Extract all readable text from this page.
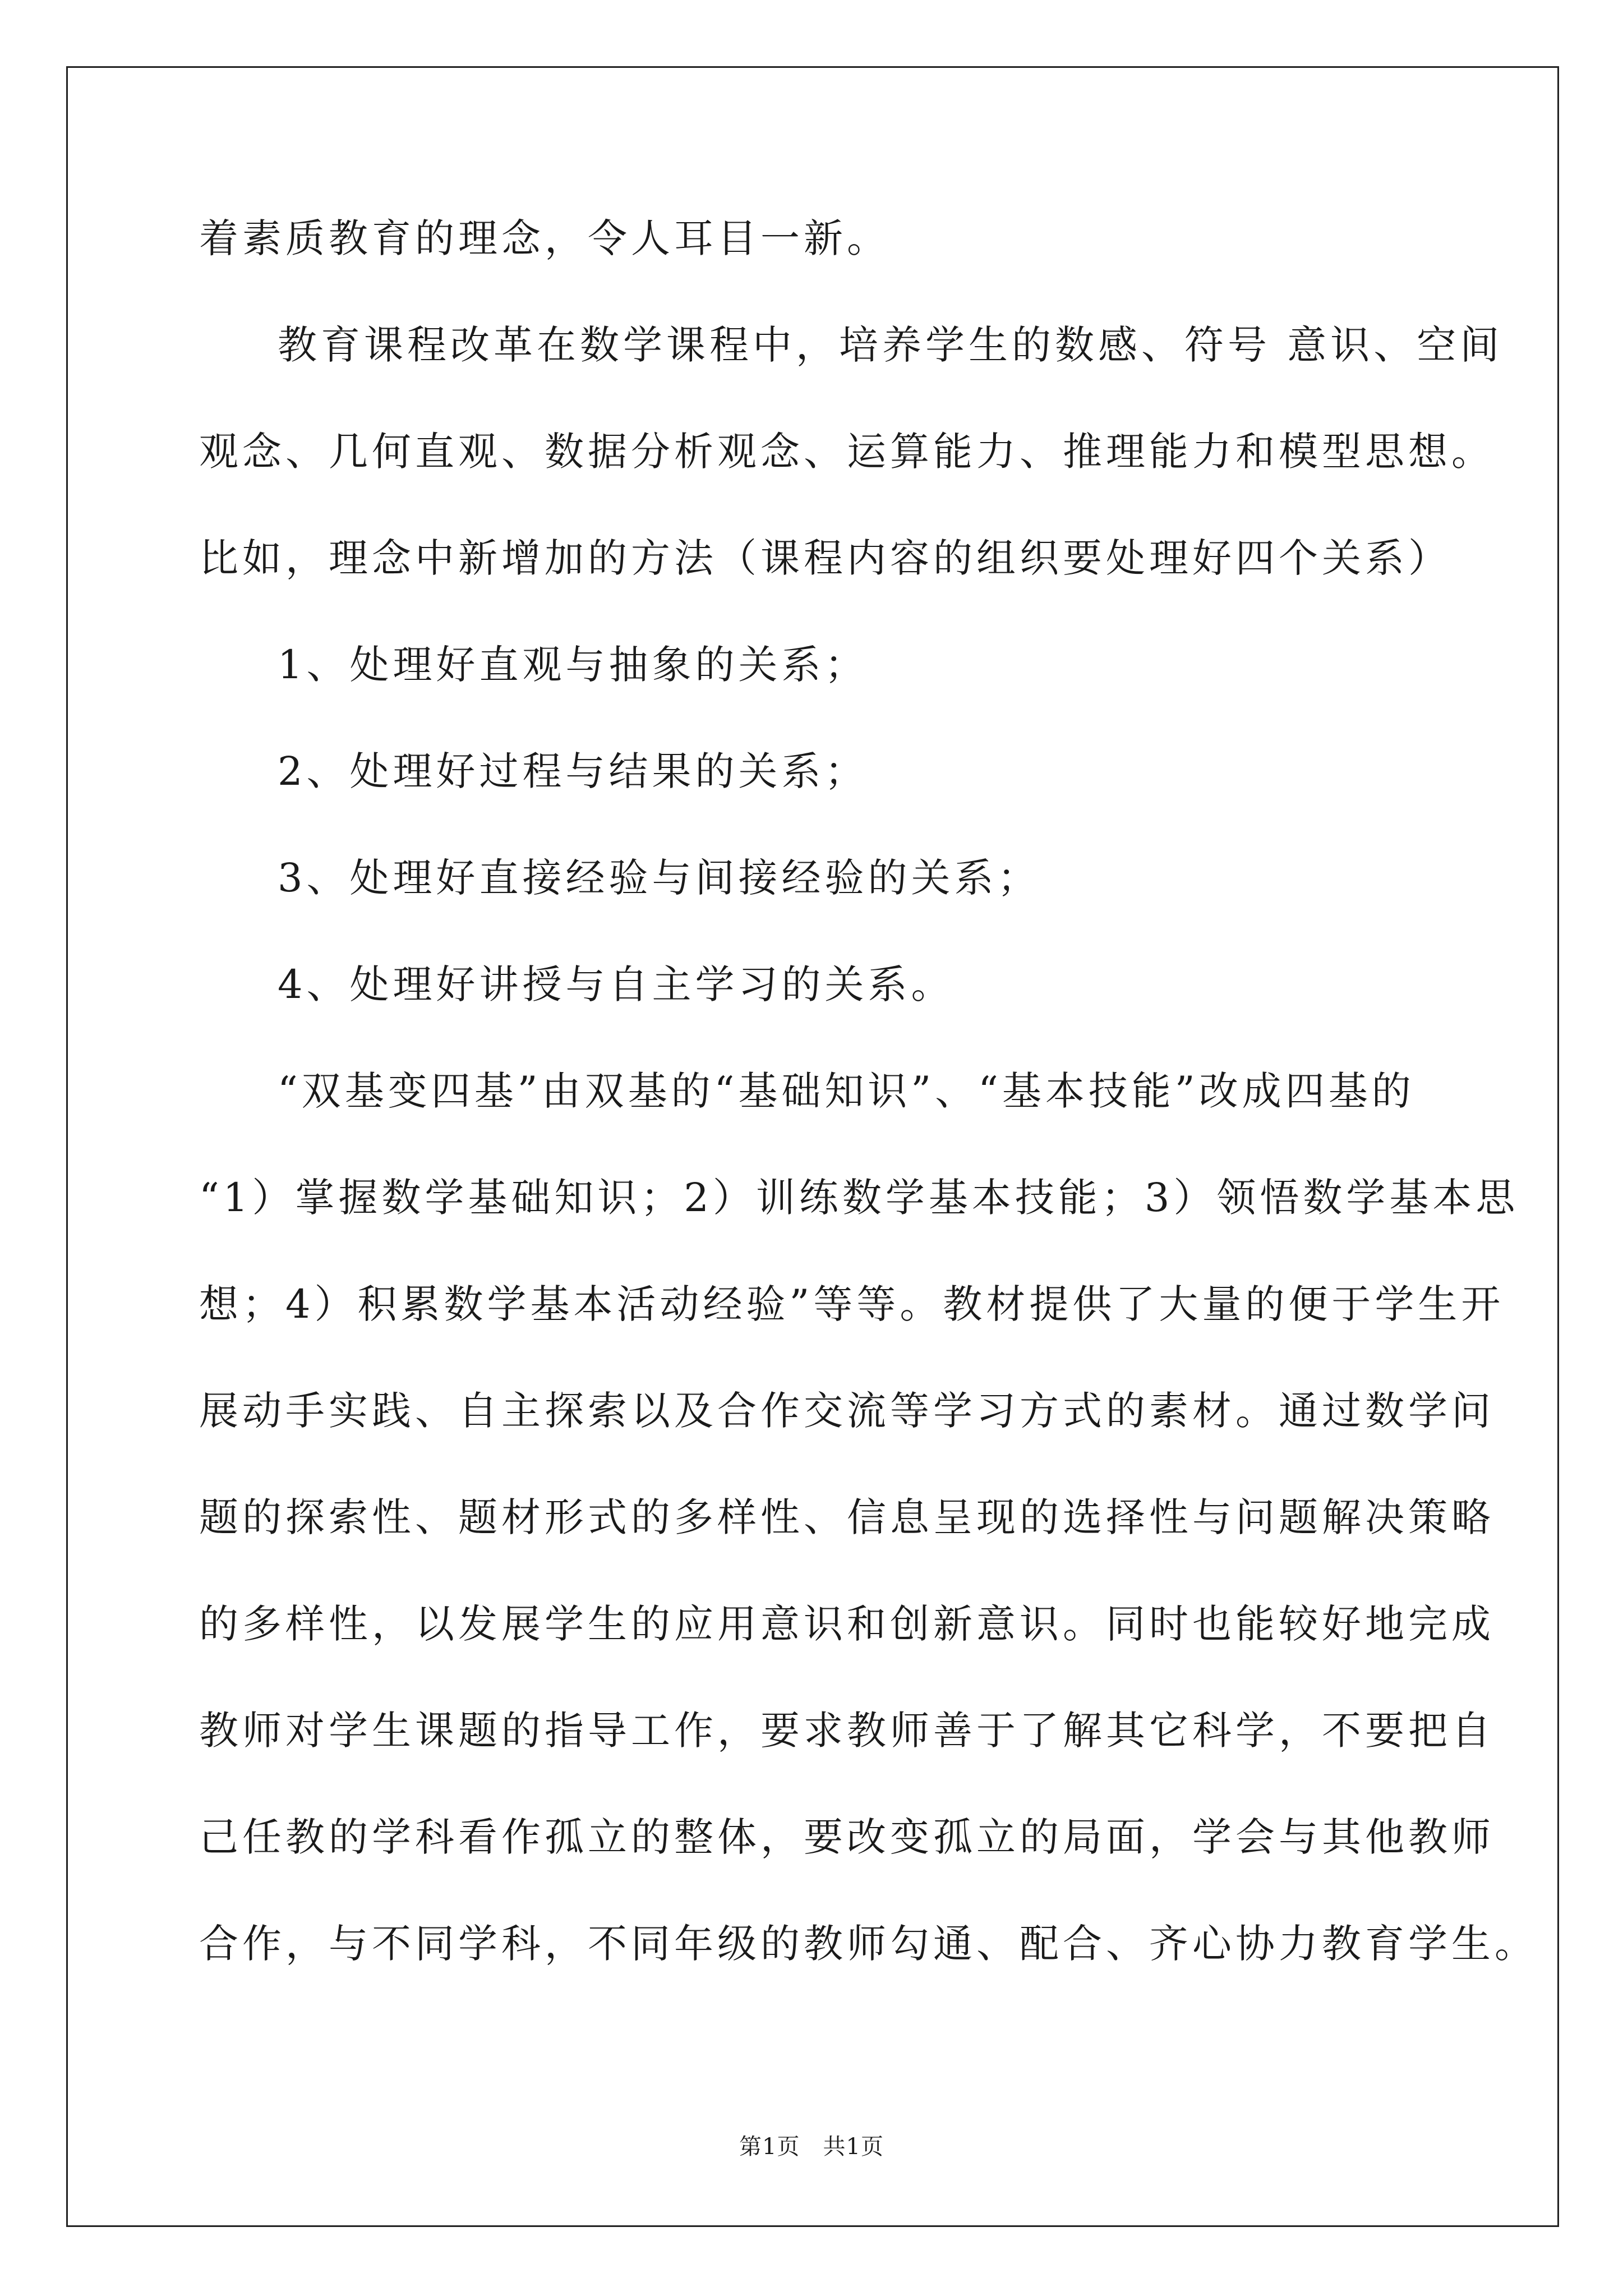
着素质教育的理念，令人耳目一新。
教育课程改革在数学课程中，培养学生的数感、符号 意识、空间
观念、几何直观、数据分析观念、运算能力、推理能力和模型思想。
比如，理念中新增加的方法（课程内容的组织要处理好四个关系）
1、处理好直观与抽象的关系；
2、处理好过程与结果的关系；
3、处理好直接经验与间接经验的关系；
4、处理好讲授与自主学习的关系。
“双基变四基”由双基的“基础知识”、“基本技能”改成四基的
“1）掌握数学基础知识；2）训练数学基本技能；3）领悟数学基本思
想；4）积累数学基本活动经验”等等。教材提供了大量的便于学生开
展动手实践、自主探索以及合作交流等学习方式的素材。通过数学问
题的探索性、题材形式的多样性、信息呈现的选择性与问题解决策略
的多样性，以发展学生的应用意识和创新意识。同时也能较好地完成
教师对学生课题的指导工作，要求教师善于了解其它科学，不要把自
己任教的学科看作孤立的整体，要改变孤立的局面，学会与其他教师
合作，与不同学科，不同年级的教师勾通、配合、齐心协力教育学生。
第1页　共1页
